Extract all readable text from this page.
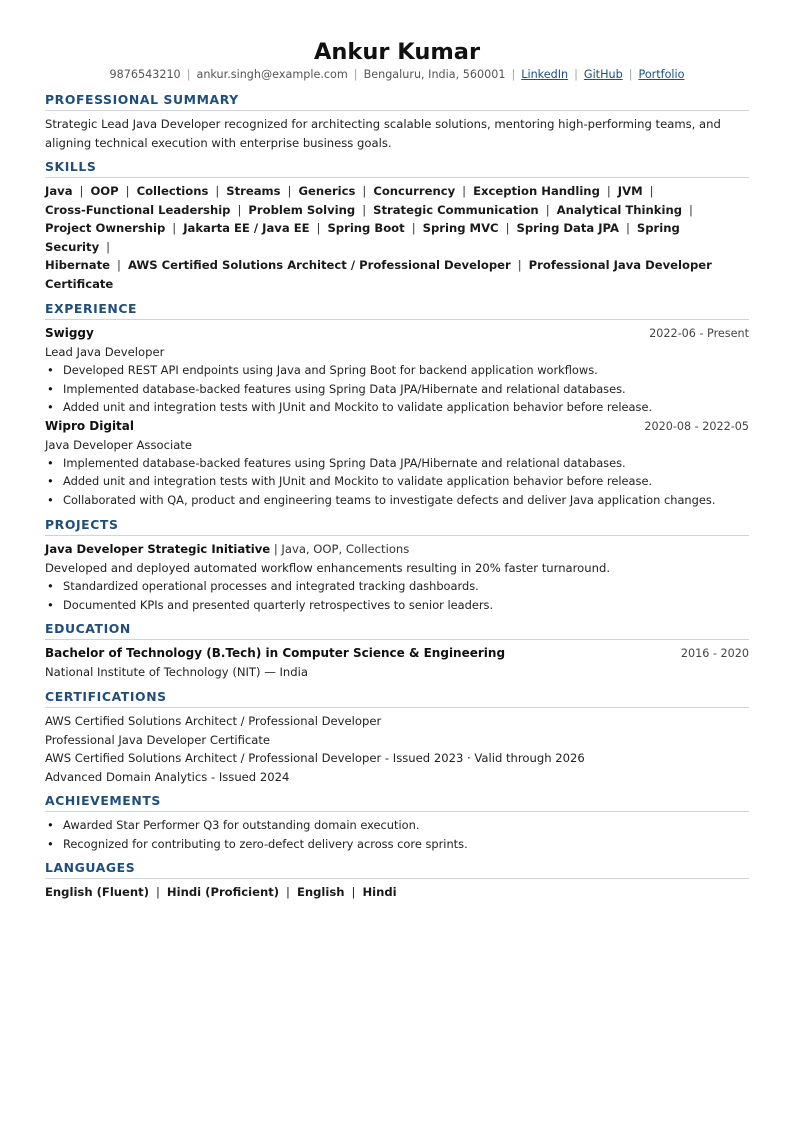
Ankur Kumar
9876543210 | ankur.singh@example.com | Bengaluru, India, 560001 | LinkedIn | GitHub | Portfolio
PROFESSIONAL SUMMARY

Strategic Lead Java Developer recognized for architecting scalable solutions, mentoring high-performing teams, and aligning technical execution with enterprise business goals.

SKILLS
Java | OOP | Collections | Streams | Generics | Concurrency | Exception Handling | JVM |
Cross-Functional Leadership | Problem Solving | Strategic Communication | Analytical Thinking |
Project Ownership | Jakarta EE / Java EE | Spring Boot | Spring MVC | Spring Data JPA | Spring Security |
Hibernate | AWS Certified Solutions Architect / Professional Developer | Professional Java Developer Certificate
EXPERIENCE
Swiggy	2022-06 - Present
Lead Java Developer
• Developed REST API endpoints using Java and Spring Boot for backend application workflows.
• Implemented database-backed features using Spring Data JPA/Hibernate and relational databases.
• Added unit and integration tests with JUnit and Mockito to validate application behavior before release.
Wipro Digital	2020-08 - 2022-05
Java Developer Associate
• Implemented database-backed features using Spring Data JPA/Hibernate and relational databases.
• Added unit and integration tests with JUnit and Mockito to validate application behavior before release.
• Collaborated with QA, product and engineering teams to investigate defects and deliver Java application changes.
PROJECTS
Java Developer Strategic Initiative | Java, OOP, Collections

Developed and deployed automated workflow enhancements resulting in 20% faster turnaround.

• Standardized operational processes and integrated tracking dashboards.
• Documented KPIs and presented quarterly retrospectives to senior leaders.
EDUCATION
Bachelor of Technology (B.Tech) in Computer Science & Engineering	2016 - 2020
National Institute of Technology (NIT) — India
CERTIFICATIONS
AWS Certified Solutions Architect / Professional Developer
Professional Java Developer Certificate
AWS Certified Solutions Architect / Professional Developer - Issued 2023 · Valid through 2026
Advanced Domain Analytics - Issued 2024
ACHIEVEMENTS
• Awarded Star Performer Q3 for outstanding domain execution.
• Recognized for contributing to zero-defect delivery across core sprints.
LANGUAGES
English (Fluent) | Hindi (Proficient) | English | Hindi
